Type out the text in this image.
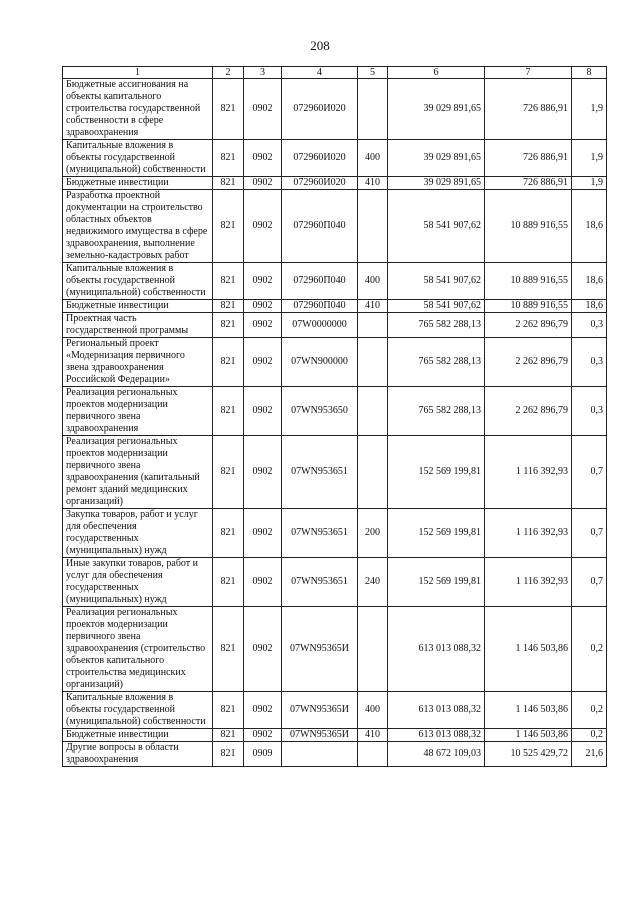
208
1	2	3	4	5	6	7	8
Бюджетные ассигнования на объекты капитального строительства государственной собственности в сфере здравоохранения	821	0902	072960И020		39 029 891,65	726 886,91	1,9
Капитальные вложения в объекты государственной (муниципальной) собственности	821	0902	072960И020	400	39 029 891,65	726 886,91	1,9
Бюджетные инвестиции	821	0902	072960И020	410	39 029 891,65	726 886,91	1,9
Разработка проектной документации на строительство областных объектов недвижимого имущества в сфере здравоохранения, выполнение земельно-кадастровых работ	821	0902	072960П040		58 541 907,62	10 889 916,55	18,6
Капитальные вложения в объекты государственной (муниципальной) собственности	821	0902	072960П040	400	58 541 907,62	10 889 916,55	18,6
Бюджетные инвестиции	821	0902	072960П040	410	58 541 907,62	10 889 916,55	18,6
Проектная часть государственной программы	821	0902	07W0000000		765 582 288,13	2 262 896,79	0,3
Региональный проект «Модернизация первичного звена здравоохранения Российской Федерации»	821	0902	07WN900000		765 582 288,13	2 262 896,79	0,3
Реализация региональных проектов модернизации первичного звена здравоохранения	821	0902	07WN953650		765 582 288,13	2 262 896,79	0,3
Реализация региональных проектов модернизации первичного звена здравоохранения (капитальный ремонт зданий медицинских организаций)	821	0902	07WN953651		152 569 199,81	1 116 392,93	0,7
Закупка товаров, работ и услуг для обеспечения государственных (муниципальных) нужд	821	0902	07WN953651	200	152 569 199,81	1 116 392,93	0,7
Иные закупки товаров, работ и услуг для обеспечения государственных (муниципальных) нужд	821	0902	07WN953651	240	152 569 199,81	1 116 392,93	0,7
Реализация региональных проектов модернизации первичного звена здравоохранения (строительство объектов капитального строительства медицинских организаций)	821	0902	07WN95365И		613 013 088,32	1 146 503,86	0,2
Капитальные вложения в объекты государственной (муниципальной) собственности	821	0902	07WN95365И	400	613 013 088,32	1 146 503,86	0,2
Бюджетные инвестиции	821	0902	07WN95365И	410	613 013 088,32	1 146 503,86	0,2
Другие вопросы в области здравоохранения	821	0909			48 672 109,03	10 525 429,72	21,6
